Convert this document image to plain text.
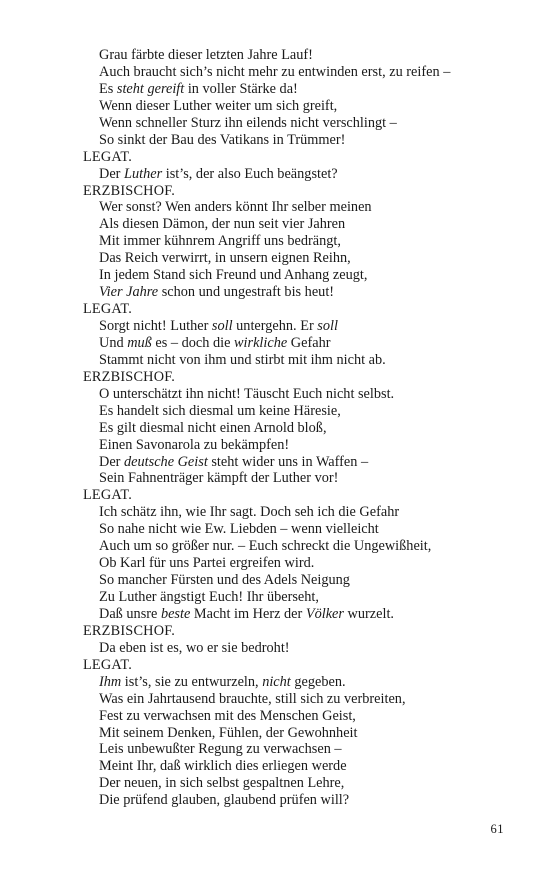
Grau färbte dieser letzten Jahre Lauf!
Auch braucht sich’s nicht mehr zu entwinden erst, zu reifen –
Es steht gereift in voller Stärke da!
Wenn dieser Luther weiter um sich greift,
Wenn schneller Sturz ihn eilends nicht verschlingt –
So sinkt der Bau des Vatikans in Trümmer!
LEGAT.
Der Luther ist’s, der also Euch beängstet?
ERZBISCHOF.
Wer sonst? Wen anders könnt Ihr selber meinen
Als diesen Dämon, der nun seit vier Jahren
Mit immer kühnrem Angriff uns bedrängt,
Das Reich verwirrt, in unsern eignen Reihn,
In jedem Stand sich Freund und Anhang zeugt,
Vier Jahre schon und ungestraft bis heut!
LEGAT.
Sorgt nicht! Luther soll untergehn. Er soll
Und muß es – doch die wirkliche Gefahr
Stammt nicht von ihm und stirbt mit ihm nicht ab.
ERZBISCHOF.
O unterschätzt ihn nicht! Täuscht Euch nicht selbst.
Es handelt sich diesmal um keine Häresie,
Es gilt diesmal nicht einen Arnold bloß,
Einen Savonarola zu bekämpfen!
Der deutsche Geist steht wider uns in Waffen –
Sein Fahnenträger kämpft der Luther vor!
LEGAT.
Ich schätz ihn, wie Ihr sagt. Doch seh ich die Gefahr
So nahe nicht wie Ew. Liebden – wenn vielleicht
Auch um so größer nur. – Euch schreckt die Ungewißheit,
Ob Karl für uns Partei ergreifen wird.
So mancher Fürsten und des Adels Neigung
Zu Luther ängstigt Euch! Ihr überseht,
Daß unsre beste Macht im Herz der Völker wurzelt.
ERZBISCHOF.
Da eben ist es, wo er sie bedroht!
LEGAT.
Ihm ist’s, sie zu entwurzeln, nicht gegeben.
Was ein Jahrtausend brauchte, still sich zu verbreiten,
Fest zu verwachsen mit des Menschen Geist,
Mit seinem Denken, Fühlen, der Gewohnheit
Leis unbewußter Regung zu verwachsen –
Meint Ihr, daß wirklich dies erliegen werde
Der neuen, in sich selbst gespaltnen Lehre,
Die prüfend glauben, glaubend prüfen will?
61
